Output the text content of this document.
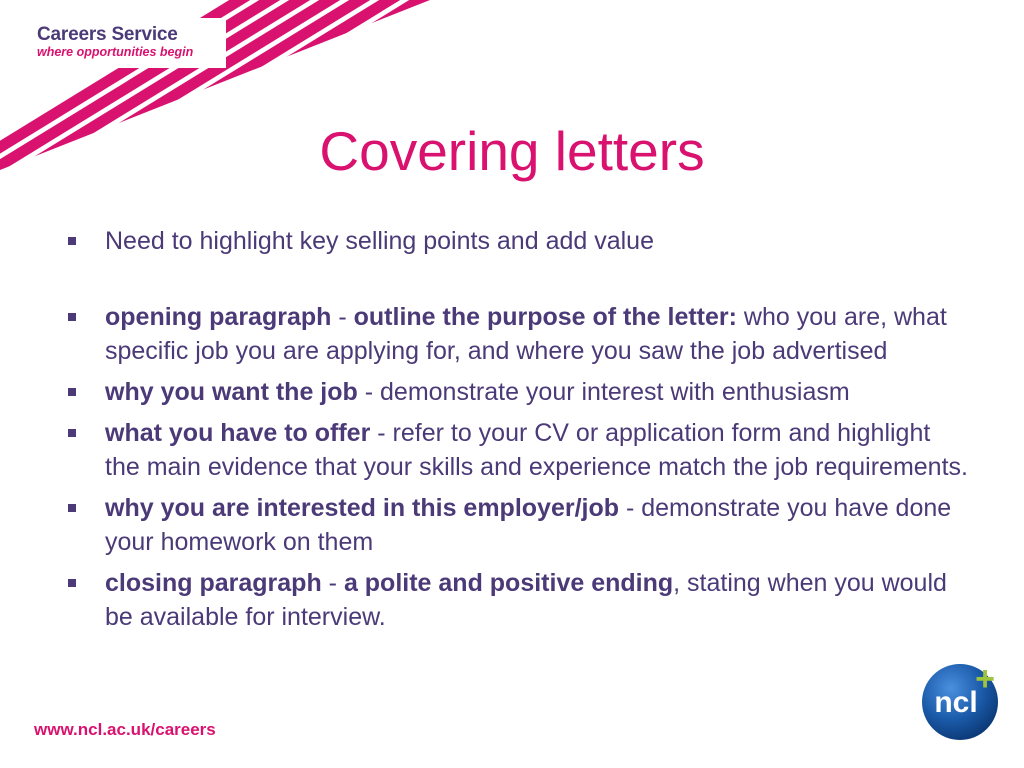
Careers Service
where opportunities begin
Covering letters
Need to highlight key selling points and add value
opening paragraph - outline the purpose of the letter: who you are, what specific job you are applying for, and where you saw the job advertised
why you want the job - demonstrate your interest with enthusiasm
what you have to offer - refer to your CV or application form and highlight the main evidence that your skills and experience match the job requirements.
why you are interested in this employer/job - demonstrate you have done your homework on them
closing paragraph - a polite and positive ending, stating when you would be available for interview.
www.ncl.ac.uk/careers
ncl
+
